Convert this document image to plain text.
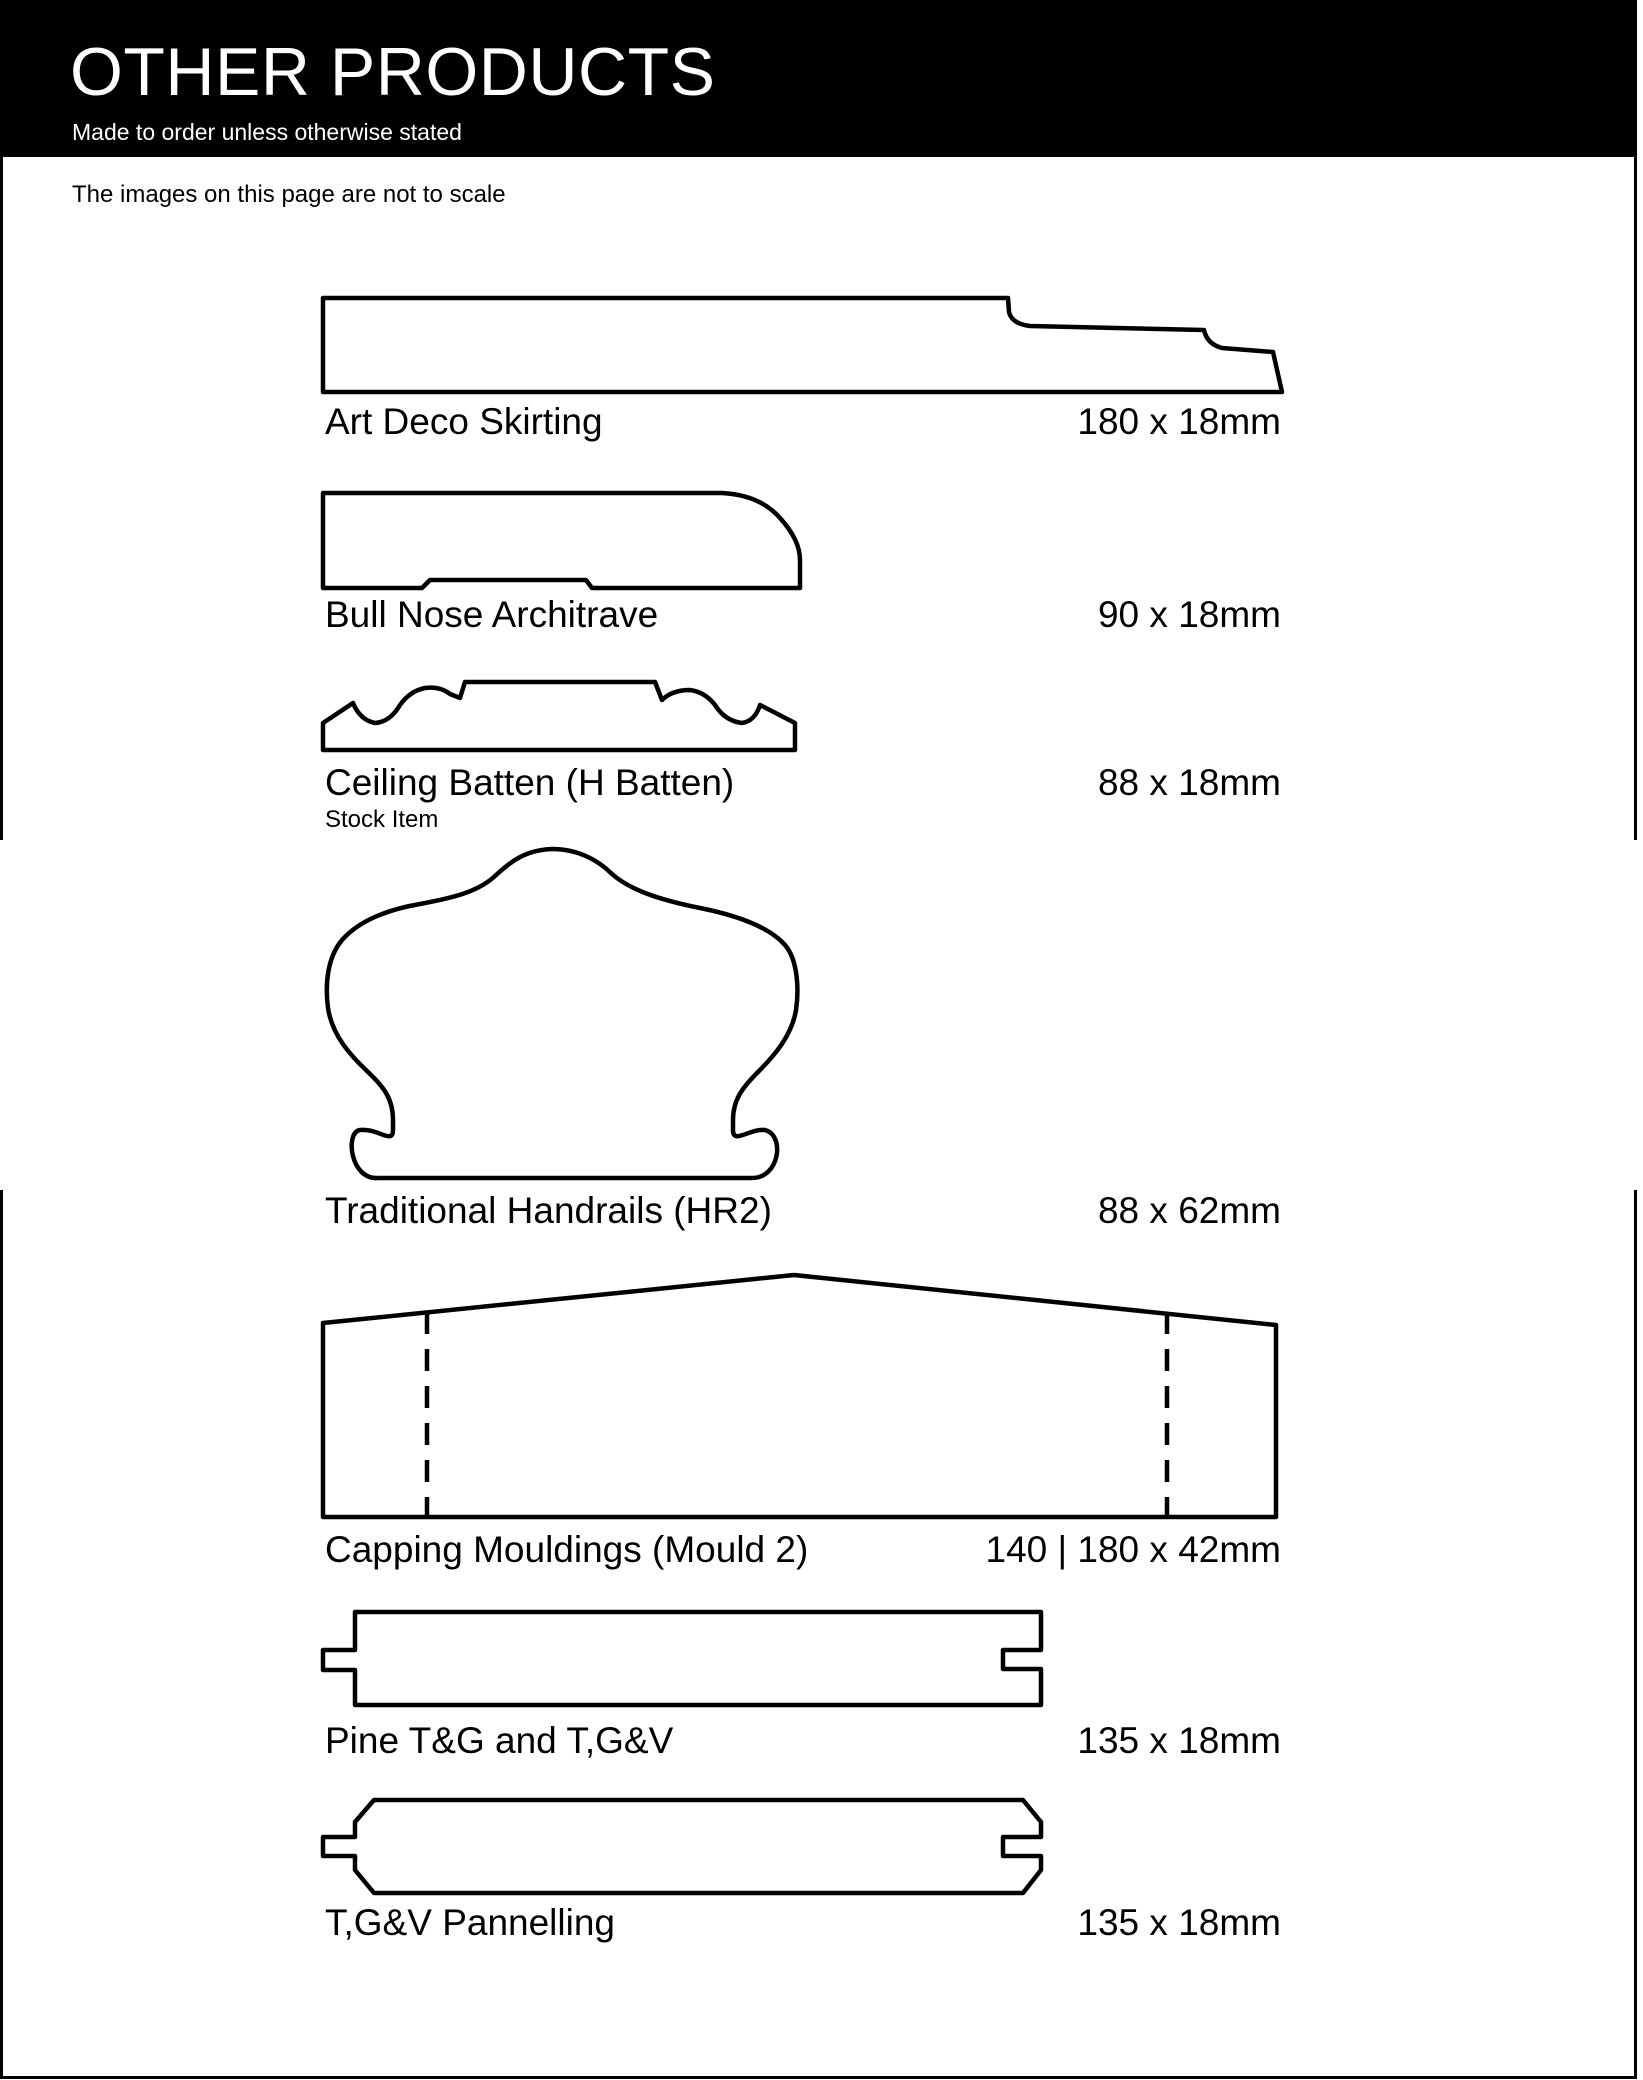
OTHER PRODUCTS
Made to order unless otherwise stated
The images on this page are not to scale
Art Deco Skirting	180 x 18mm
Bull Nose Architrave	90 x 18mm
Ceiling Batten (H Batten)	88 x 18mm
Stock Item
Traditional Handrails (HR2)	88 x 62mm
Capping Mouldings (Mould 2)	140 | 180 x 42mm
Pine T&G and T,G&V	135 x 18mm
T,G&V Pannelling	135 x 18mm
